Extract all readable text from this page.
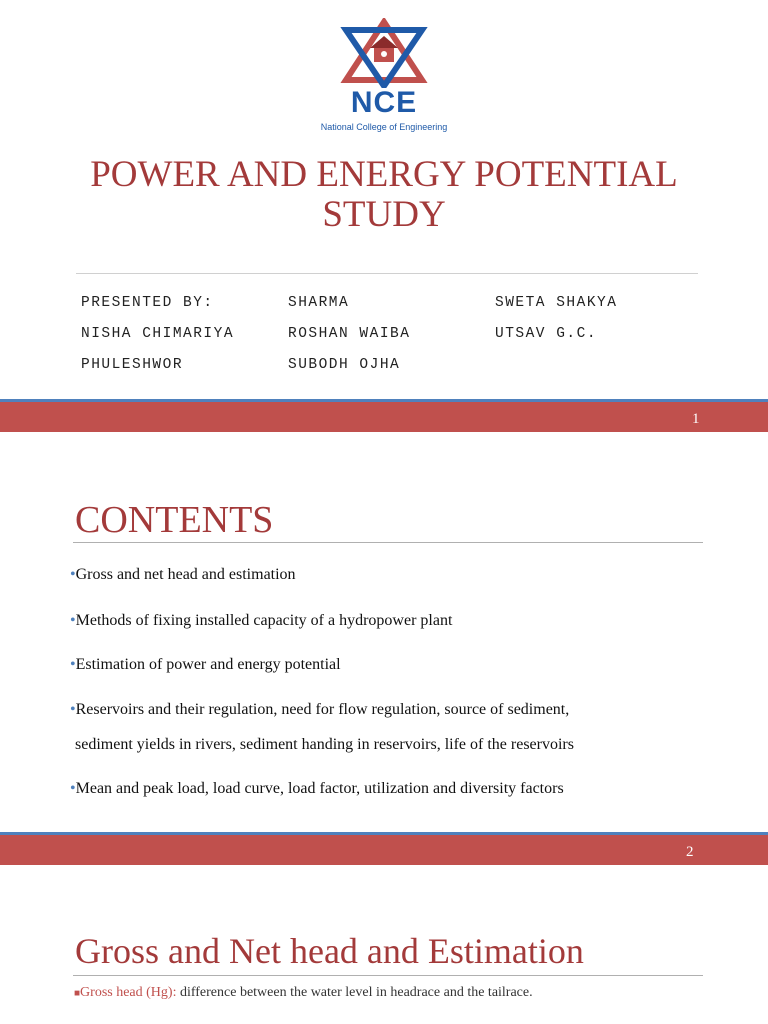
NCE
National College of Engineering
POWER AND ENERGY POTENTIAL
STUDY
PRESENTED BY:	SHARMA	SWETA SHAKYA
NISHA CHIMARIYA	ROSHAN WAIBA	UTSAV G.C.
PHULESHWOR	SUBODH OJHA
1
CONTENTS
•Gross and net head and estimation
•Methods of fixing installed capacity of a hydropower plant
•Estimation of power and energy potential
•Reservoirs and their regulation, need for flow regulation, source of sediment,
sediment yields in rivers, sediment handing in reservoirs, life of the reservoirs
•Mean and peak load, load curve, load factor, utilization and diversity factors
2
Gross and Net head and Estimation
■Gross head (Hg): difference between the water level in headrace and the tailrace.
